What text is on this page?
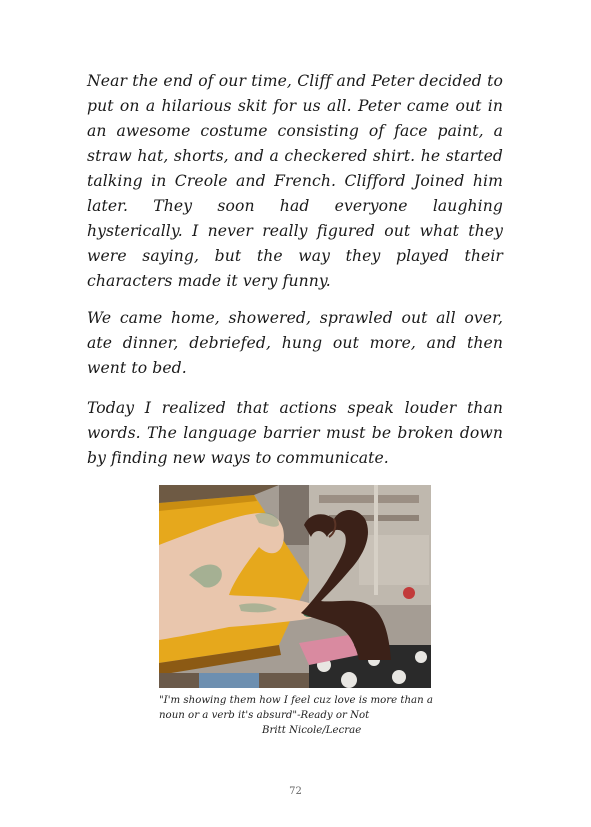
Near the end of our time, Cliff and Peter decided to put on a hilarious skit for us all. Peter came out in an awesome costume consisting of face paint, a straw hat, shorts, and a checkered shirt. he started talking in Creole and French. Clifford Joined him later. They soon had everyone laughing hysterically. I never really figured out what they were saying, but the way they played their characters made it very funny.

We came home, showered, sprawled out all over, ate dinner, debriefed, hung out more, and then went to bed.

Today I realized that actions speak louder than words. The language barrier must be broken down by finding new ways to communicate.

"I'm showing them how I feel cuz love is more than a
noun or a verb it's absurd"-Ready or Not
Britt Nicole/Lecrae

72
